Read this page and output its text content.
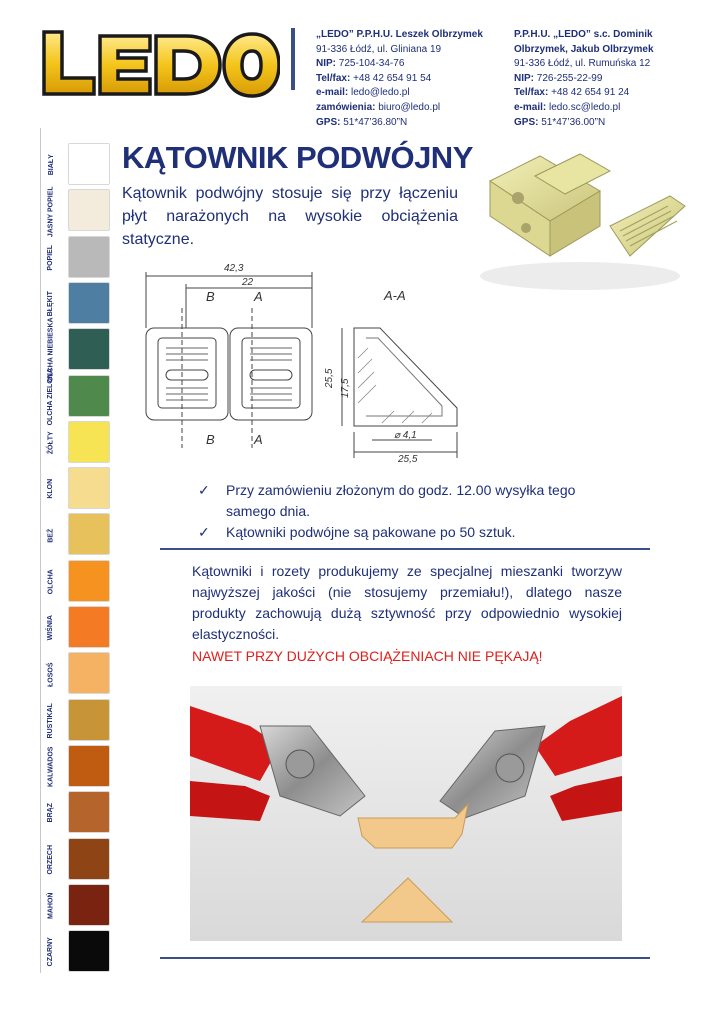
„LEDO” P.P.H.U. Leszek Olbrzymek
91-336 Łódź, ul. Gliniana 19
NIP: 725-104-34-76
Tel/fax: +48 42 654 91 54
e-mail: ledo@ledo.pl
zamówienia: biuro@ledo.pl
GPS: 51*47’36.80”N
P.P.H.U. „LEDO” s.c. Dominik
Olbrzymek, Jakub Olbrzymek
91-336 Łódź, ul. Rumuńska 12
NIP: 726-255-22-99
Tel/fax: +48 42 654 91 24
e-mail: ledo.sc@ledo.pl
GPS: 51*47’36.00”N
BIAŁY
JASNY POPIEL
POPIEL
BŁĘKIT
OLCHA NIEBIESKA
OLCHA ZIELONA
ŻÓŁTY
KLON
BEŻ
OLCHA
WIŚNIA
ŁOSOŚ
RUSTIKAL
KALWADOS
BRĄZ
ORZECH
MAHOŃ
CZARNY
KĄTOWNIK PODWÓJNY
Kątownik podwójny stosuje się przy łączeniu płyt narażonych na wysokie obciążenia statyczne.
42,3
22
B	A
B	A
A-A
25,5
17,5
⌀ 4,1
25,5
✓ Przy zamówieniu złożonym do godz. 12.00 wysyłka tego samego dnia.
✓ Kątowniki podwójne są pakowane po 50 sztuk.
Kątowniki i rozety produkujemy ze specjalnej mieszanki tworzyw najwyższej jakości (nie stosujemy przemiału!), dlatego nasze produkty zachowują dużą sztywność przy odpowiednio wysokiej elastyczności.
NAWET PRZY DUŻYCH OBCIĄŻENIACH NIE PĘKAJĄ!
